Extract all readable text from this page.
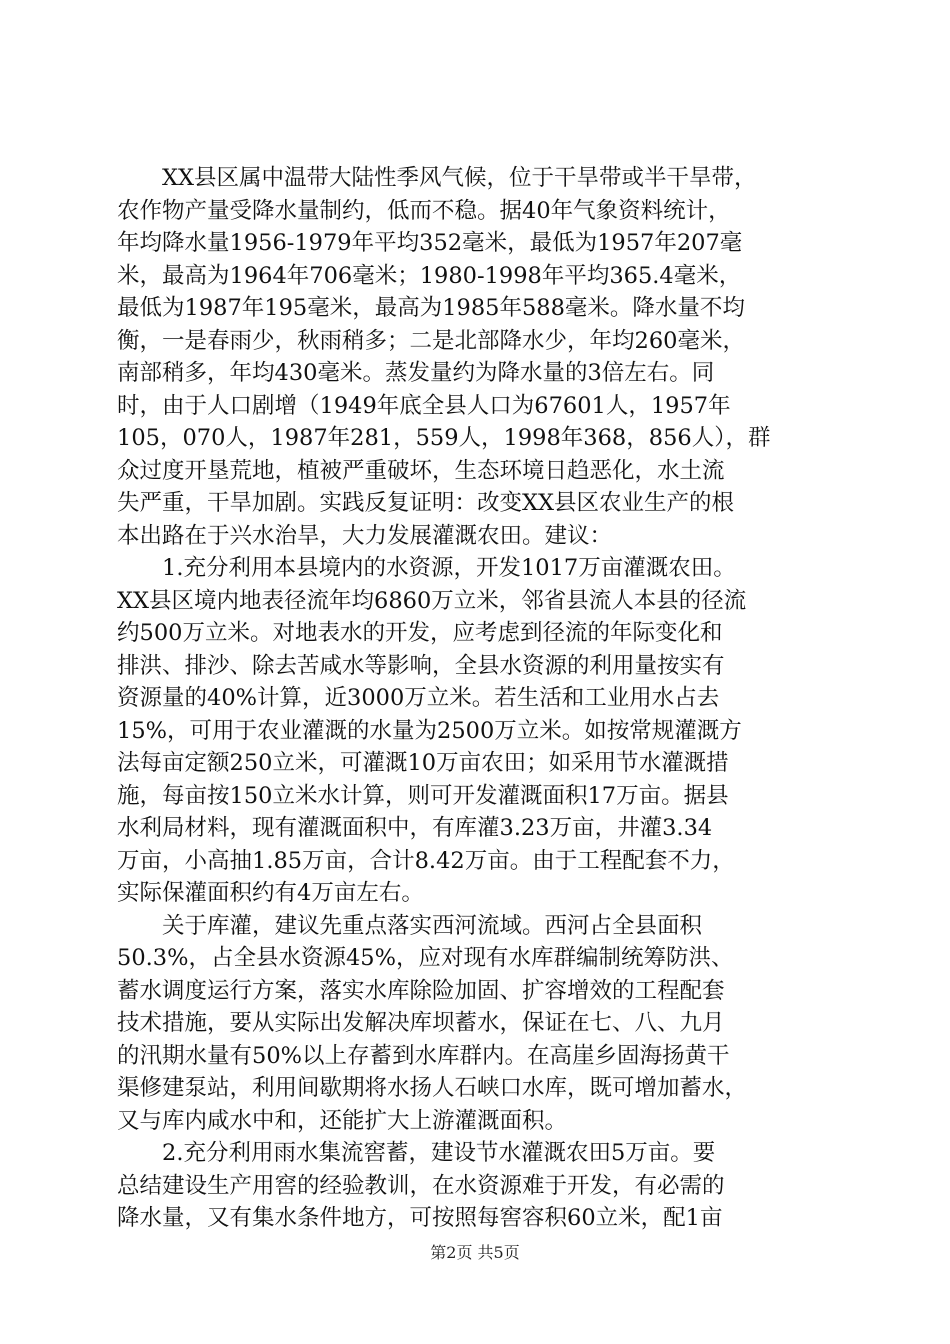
　　XX县区属中温带大陆性季风气候，位于干旱带或半干旱带，
农作物产量受降水量制约，低而不稳。据40年气象资料统计，
年均降水量1956-1979年平均352毫米，最低为1957年207毫
米，最高为1964年706毫米；1980-1998年平均365.4毫米，
最低为1987年195毫米，最高为1985年588毫米。降水量不均
衡，一是春雨少，秋雨稍多；二是北部降水少，年均260毫米，
南部稍多，年均430毫米。蒸发量约为降水量的3倍左右。同
时，由于人口剧增（1949年底全县人口为67601人，1957年
105，070人，1987年281，559人，1998年368，856人），群
众过度开垦荒地，植被严重破坏，生态环境日趋恶化，水土流
失严重，干旱加剧。实践反复证明：改变XX县区农业生产的根
本出路在于兴水治旱，大力发展灌溉农田。建议：
　　1.充分利用本县境内的水资源，开发1017万亩灌溉农田。
XX县区境内地表径流年均6860万立米，邻省县流人本县的径流
约500万立米。对地表水的开发，应考虑到径流的年际变化和
排洪、排沙、除去苦咸水等影响，全县水资源的利用量按实有
资源量的40%计算，近3000万立米。若生活和工业用水占去
15%，可用于农业灌溉的水量为2500万立米。如按常规灌溉方
法每亩定额250立米，可灌溉10万亩农田；如采用节水灌溉措
施，每亩按150立米水计算，则可开发灌溉面积17万亩。据县
水利局材料，现有灌溉面积中，有库灌3.23万亩，井灌3.34
万亩，小高抽1.85万亩，合计8.42万亩。由于工程配套不力，
实际保灌面积约有4万亩左右。
　　关于库灌，建议先重点落实西河流域。西河占全县面积
50.3%，占全县水资源45%，应对现有水库群编制统筹防洪、
蓄水调度运行方案，落实水库除险加固、扩容增效的工程配套
技术措施，要从实际出发解决库坝蓄水，保证在七、八、九月
的汛期水量有50%以上存蓄到水库群内。在高崖乡固海扬黄干
渠修建泵站，利用间歇期将水扬人石峡口水库，既可增加蓄水，
又与库内咸水中和，还能扩大上游灌溉面积。
　　2.充分利用雨水集流窖蓄，建设节水灌溉农田5万亩。要
总结建设生产用窖的经验教训，在水资源难于开发，有必需的
降水量，又有集水条件地方，可按照每窖容积60立米，配1亩
第2页 共5页
